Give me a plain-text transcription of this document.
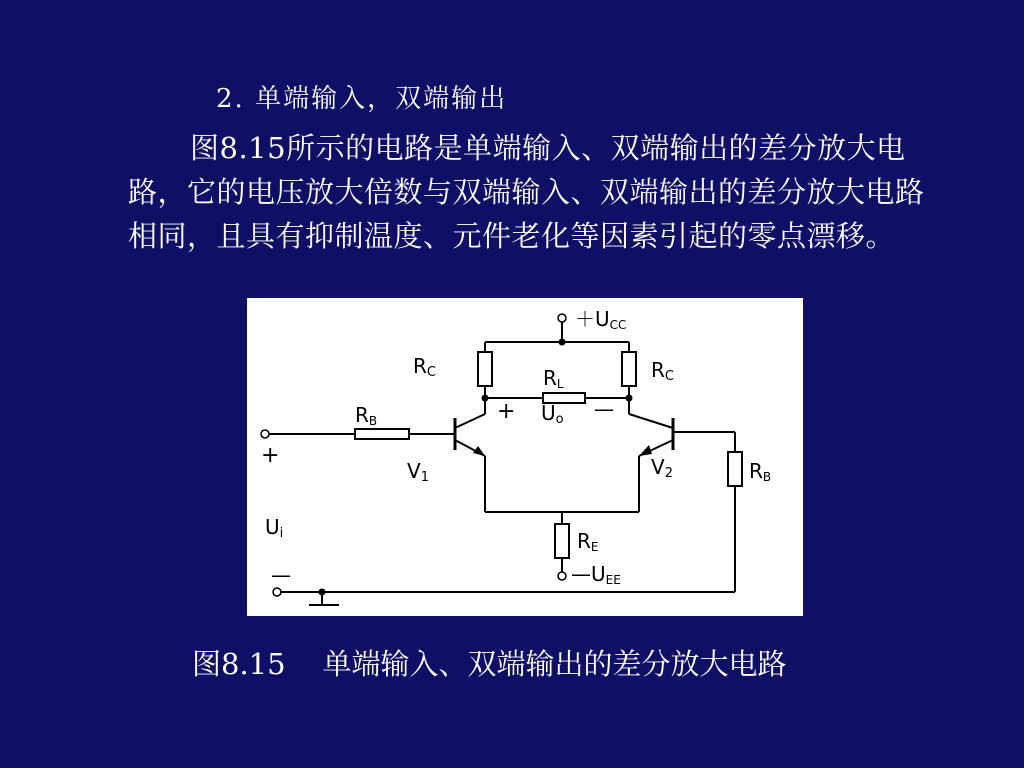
2. 单端输入，双端输出
图8.15所示的电路是单端输入、双端输出的差分放大电路，它的电压放大倍数与双端输入、双端输出的差分放大电路相同，且具有抑制温度、元件老化等因素引起的零点漂移。
＋UCC
RC	RC
RL
+	—
Uo
RB
RB
V1	V2
RE
—UEE
+
Ui
—
图8.15    单端输入、双端输出的差分放大电路
